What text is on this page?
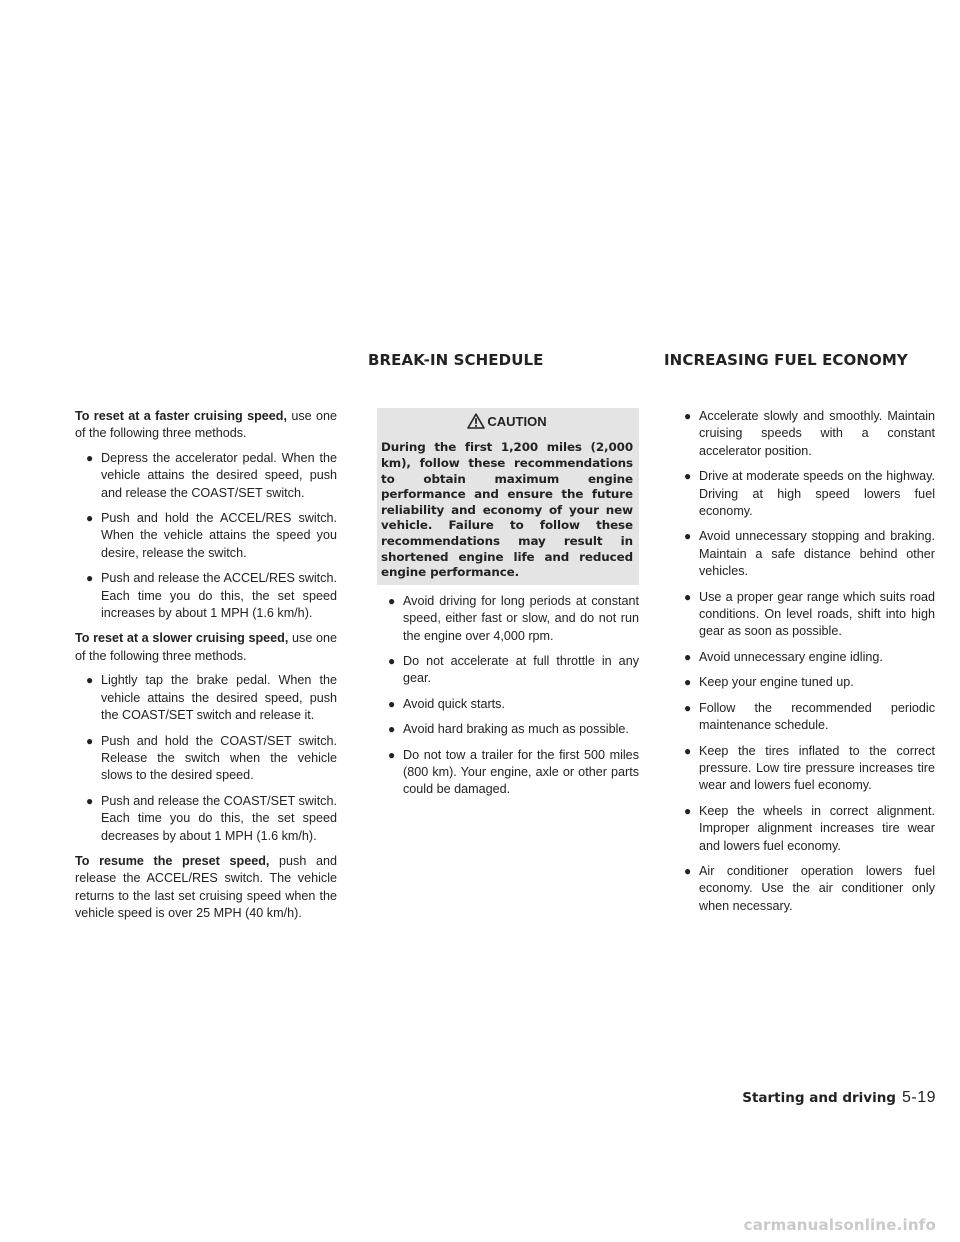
BREAK-IN SCHEDULE	INCREASING FUEL ECONOMY

To reset at a faster cruising speed, use one of the following three methods.

● Depress the accelerator pedal. When the vehicle attains the desired speed, push and release the COAST/SET switch.
● Push and hold the ACCEL/RES switch. When the vehicle attains the speed you desire, release the switch.
● Push and release the ACCEL/RES switch. Each time you do this, the set speed increases by about 1 MPH (1.6 km/h).

To reset at a slower cruising speed, use one of the following three methods.

● Lightly tap the brake pedal. When the vehicle attains the desired speed, push the COAST/SET switch and release it.
● Push and hold the COAST/SET switch. Release the switch when the vehicle slows to the desired speed.
● Push and release the COAST/SET switch. Each time you do this, the set speed decreases by about 1 MPH (1.6 km/h).

To resume the preset speed, push and release the ACCEL/RES switch. The vehicle returns to the last set cruising speed when the vehicle speed is over 25 MPH (40 km/h).

CAUTION
During the first 1,200 miles (2,000 km), follow these recommendations to obtain maximum engine performance and ensure the future reliability and economy of your new vehicle. Failure to follow these recommendations may result in shortened engine life and reduced engine performance.
● Avoid driving for long periods at constant speed, either fast or slow, and do not run the engine over 4,000 rpm.
● Do not accelerate at full throttle in any gear.
● Avoid quick starts.
● Avoid hard braking as much as possible.
● Do not tow a trailer for the first 500 miles (800 km). Your engine, axle or other parts could be damaged.
● Accelerate slowly and smoothly. Maintain cruising speeds with a constant accelerator position.
● Drive at moderate speeds on the highway. Driving at high speed lowers fuel economy.
● Avoid unnecessary stopping and braking. Maintain a safe distance behind other vehicles.
● Use a proper gear range which suits road conditions. On level roads, shift into high gear as soon as possible.
● Avoid unnecessary engine idling.
● Keep your engine tuned up.
● Follow the recommended periodic maintenance schedule.
● Keep the tires inflated to the correct pressure. Low tire pressure increases tire wear and lowers fuel economy.
● Keep the wheels in correct alignment. Improper alignment increases tire wear and lowers fuel economy.
● Air conditioner operation lowers fuel economy. Use the air conditioner only when necessary.
Starting and driving 5-19
carmanualsonline.info
